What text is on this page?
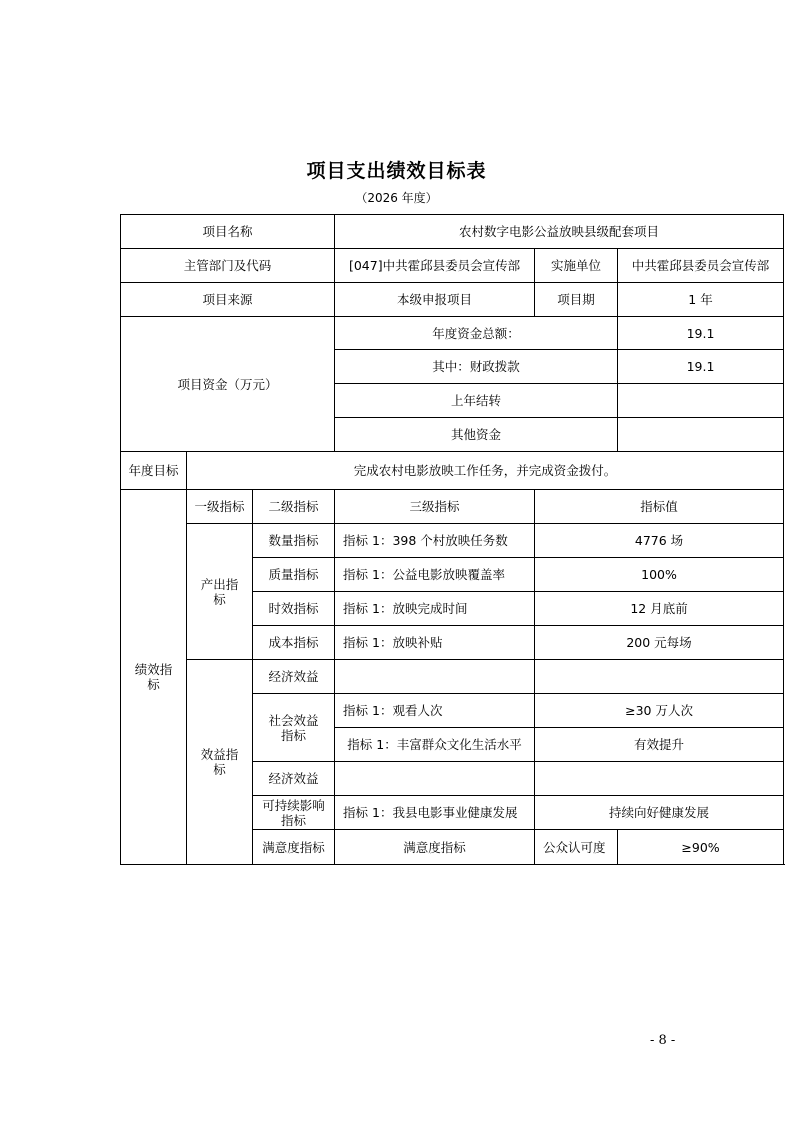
项目支出绩效目标表
（2026 年度）
项目名称			农村数字电影公益放映县级配套项目		
主管部门及代码			[047]中共霍邱县委员会宣传部	实施单位	中共霍邱县委员会宣传部
项目来源			本级申报项目	项目期	1 年
项目资金（万元）			年度资金总额：		19.1
			其中：财政拨款		19.1
			上年结转		
			其他资金		
年度目标	完成农村电影放映工作任务，并完成资金拨付。				
绩效指标	一级指标	二级指标	三级指标	指标值	
	产出指标	数量指标	指标 1：398 个村放映任务数	4776 场	
		质量指标	指标 1：公益电影放映覆盖率	100%	
		时效指标	指标 1：放映完成时间	12 月底前	
		成本指标	指标 1：放映补贴	200 元每场	
	效益指标	经济效益			
		社会效益指标	指标 1：观看人次	≥30 万人次	
			指标 1：丰富群众文化生活水平	有效提升	
		经济效益			
		可持续影响指标	指标 1：我县电影事业健康发展	持续向好健康发展	
		满意度指标	满意度指标	公众认可度	≥90%
- 8 -
